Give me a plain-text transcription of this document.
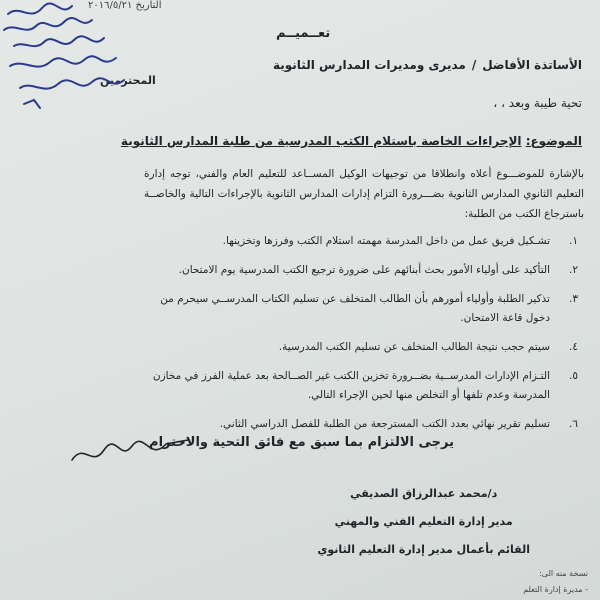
التاريخ ٢٠١٦/٥/٢١
تعــميــم
الأساتذة الأفاضل/مديرى ومديرات المدارس الثانوية
المحترمين
تحية طيبة وبعد ، ،
الموضوع: الإجراءات الخاصة باستلام الكتب المدرسية من طلبة المدارس الثانوية
بالإشارة للموضـــوع أعلاه وانطلاقا من توجيهات الوكيل المســاعد للتعليم العام والفني، توجه إدارة التعليم الثانوي المدارس الثانوية بضـــرورة التزام إدارات المدارس الثانوية بالإجراءات التالية والخاصــة باسترجاع الكتب من الطلبة:
١.
تشـكيل فريق عمل من داخل المدرسة مهمته استلام الكتب وفرزها وتخزينها.
٢.
التأكيد على أولياء الأمور بحث أبنائهم على ضرورة ترجيع الكتب المدرسية يوم الامتحان.
٣.
تذكير الطلبة وأولياء أمورهم بأن الطالب المتخلف عن تسليم الكتاب المدرســي سيحرم من دخول قاعة الامتحان.
٤.
سيتم حجب نتيجة الطالب المتخلف عن تسليم الكتب المدرسية.
٥.
التـزام الإدارات المدرســية بضــرورة تخزين الكتب غير الصــالحة بعد عملية الفرز في مخازن المدرسة وعدم تلفها أو التخلص منها لحين الإجراء التالي.
٦.
تسليم تقرير نهائي بعدد الكتب المسترجعة من الطلبة للفصل الدراسي الثاني.
يرجى الالتزام بما سبق مع فائق التحية والاحترام
د/محمد عبدالرزاق الصديقي
مدير إدارة التعليم الفني والمهني
القائم بأعمال مدير إدارة التعليم الثانوي
نسخة منه الى:
- مديرة إدارة التعلم
